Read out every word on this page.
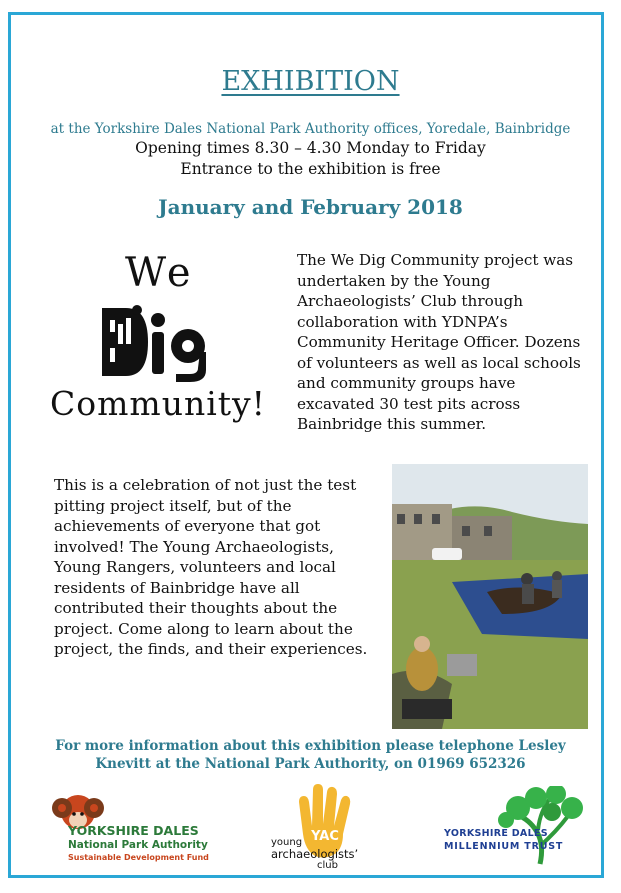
EXHIBITION
at the Yorkshire Dales National Park Authority offices, Yoredale, Bainbridge
Opening times 8.30 – 4.30 Monday to Friday
Entrance to the exhibition is free
January and February 2018
We
Community!
The We Dig Community project was undertaken by the Young Archaeologists’ Club through collaboration with YDNPA’s Community Heritage Officer. Dozens of volunteers as well as local schools and community groups have excavated 30 test pits across Bainbridge this summer.
This is a celebration of not just the test pitting project itself, but of the achievements of everyone that got involved! The Young Archaeologists, Young Rangers, volunteers and local residents of Bainbridge have all contributed their thoughts about the project. Come along to learn about the project, the finds, and their experiences.
For more information about this exhibition please telephone Lesley Knevitt at the National Park Authority, on 01969 652326
YORKSHIRE DALES
National Park Authority
Sustainable Development Fund
YAC
young
archaeologists’
club
YORKSHIRE DALES
MILLENNIUM TRUST
